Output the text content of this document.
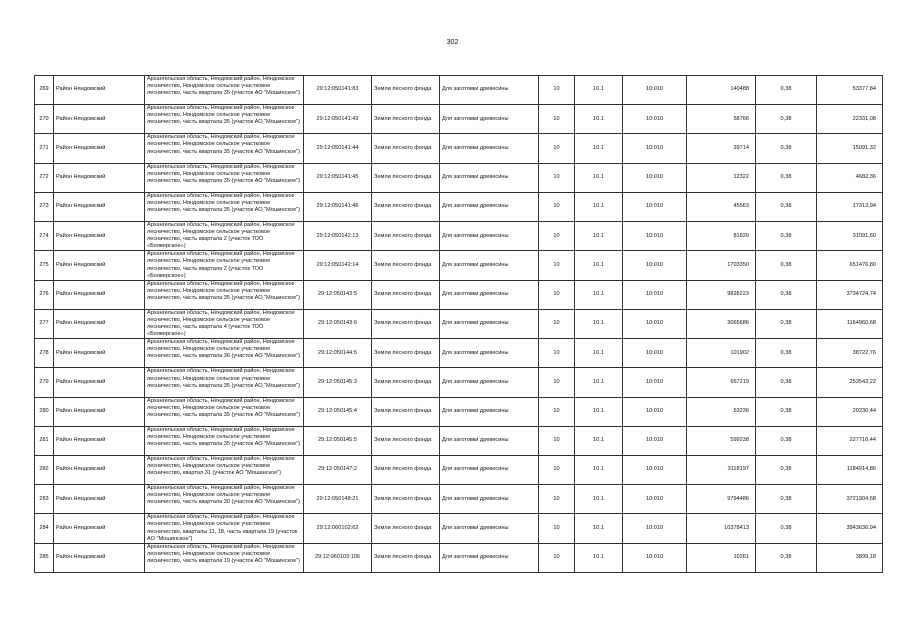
302
269	Район Няндомский	Архангельская область, Няндомский район, Няндомское лесничество, Няндомское сельское участковое лесничество, часть квартала 35 (участок АО "Мошинское")	29:12:050141:83	Земли лесного фонда	Для заготовки древесины	10	10.1	10:010	140488	0,38	53377,84
270	Район Няндомский	Архангельская область, Няндомский район, Няндомское лесничество, Няндомское сельское участковое лесничество, часть квартала 35 (участок АО "Мошинское")	29:12:050141:43	Земли лесного фонда	Для заготовки древесины	10	10.1	10:010	58766	0,38	22331,08
271	Район Няндомский	Архангельская область, Няндомский район, Няндомское лесничество, Няндомское сельское участковое лесничество, часть квартала 35 (участок АО "Мошинское")	29:12:050141:44	Земли лесного фонда	Для заготовки древесины	10	10.1	10:010	39714	0,38	15091,32
272	Район Няндомский	Архангельская область, Няндомский район, Няндомское лесничество, Няндомское сельское участковое лесничество, часть квартала 35 (участок АО "Мошинское")	29:12:050141:45	Земли лесного фонда	Для заготовки древесины	10	10.1	10:010	12322	0,38	4682,36
273	Район Няндомский	Архангельская область, Няндомский район, Няндомское лесничество, Няндомское сельское участковое лесничество, часть квартала 35 (участок АО "Мошинское")	29:12:050141:46	Земли лесного фонда	Для заготовки древесины	10	10.1	10:010	45563	0,38	17313,94
274	Район Няндомский	Архангельская область, Няндомский район, Няндомское лесничество, Няндомское сельское участковое лесничество, часть квартала 2 (участок ТОО «Бояверское»)	29:12:050142:13	Земли лесного фонда	Для заготовки древесины	10	10.1	10:010	81820	0,38	31091,60
275	Район Няндомский	Архангельская область, Няндомский район, Няндомское лесничество, Няндомское сельское участковое лесничество, часть квартала 2 (участок ТОО «Бояверское»)	29:12:050142:14	Земли лесного фонда	Для заготовки древесины	10	10.1	10:010	1703350	0,38	651476,80
276	Район Няндомский	Архангельская область, Няндомский район, Няндомское лесничество, Няндомское сельское участковое лесничество, часть квартала 35 (участок АО "Мошинское")	29:12:050143:5	Земли лесного фонда	Для заготовки древесины	10	10.1	10:010	9828223	0,38	3734724,74
277	Район Няндомский	Архангельская область, Няндомский район, Няндомское лесничество, Няндомское сельское участковое лесничество, часть квартала 4 (участок ТОО «Бояверское»)	29:12:050143:6	Земли лесного фонда	Для заготовки древесины	10	10.1	10:010	3065686	0,38	1164960,68
278	Район Няндомский	Архангельская область, Няндомский район, Няндомское лесничество, Няндомское сельское участковое лесничество, часть квартала 36 (участок АО "Мошинское")	29:12:050144:5	Земли лесного фонда	Для заготовки древесины	10	10.1	10:010	101902	0,38	38722,76
279	Район Няндомский	Архангельская область, Няндомский район, Няндомское лесничество, Няндомское сельское участковое лесничество, часть квартала 35 (участок АО "Мошинское")	29:12:050145:3	Земли лесного фонда	Для заготовки древесины	10	10.1	10:010	667219	0,38	253543,22
280	Район Няндомский	Архангельская область, Няндомский район, Няндомское лесничество, Няндомское сельское участковое лесничество, часть квартала 35 (участок АО "Мошинское")	29:12:050145:4	Земли лесного фонда	Для заготовки древесины	10	10.1	10:010	53236	0,38	20230,44
281	Район Няндомский	Архангельская область, Няндомский район, Няндомское лесничество, Няндомское сельское участковое лесничество, часть квартала 35 (участок АО "Мошинское")	29:12:050145:5	Земли лесного фонда	Для заготовки древесины	10	10.1	10:010	599238	0,38	227710,44
282	Район Няндомский	Архангельская область, Няндомский район, Няндомское лесничество, Няндомское сельское участковое лесничество, квартал 31 (участок АО "Мошинское")	29:12:050147:2	Земли лесного фонда	Для заготовки древесины	10	10.1	10:010	3118197	0,38	1184914,86
283	Район Няндомский	Архангельская область, Няндомский район, Няндомское лесничество, Няндомское сельское участковое лесничество, часть квартала 30 (участок АО "Мошинское")	29:12:050148:21	Земли лесного фонда	Для заготовки древесины	10	10.1	10:010	9794486	0,38	3721904,68
284	Район Няндомский	Архангельская область, Няндомский район, Няндомское лесничество, Няндомское сельское участковое лесничество, кварталы 11, 18, часть квартала 19 (участок АО "Мошинское")	29:12:060102:62	Земли лесного фонда	Для заготовки древесины	10	10.1	10:010	10378413	0,38	3943636,94
285	Район Няндомский	Архангельская область, Няндомский район, Няндомское лесничество, Няндомское сельское участковое лесничество, часть квартала 19 (участок АО "Мошинское")	29:12:060103:106	Земли лесного фонда	Для заготовки древесины	10	10.1	10:010	10261	0,38	3899,18
